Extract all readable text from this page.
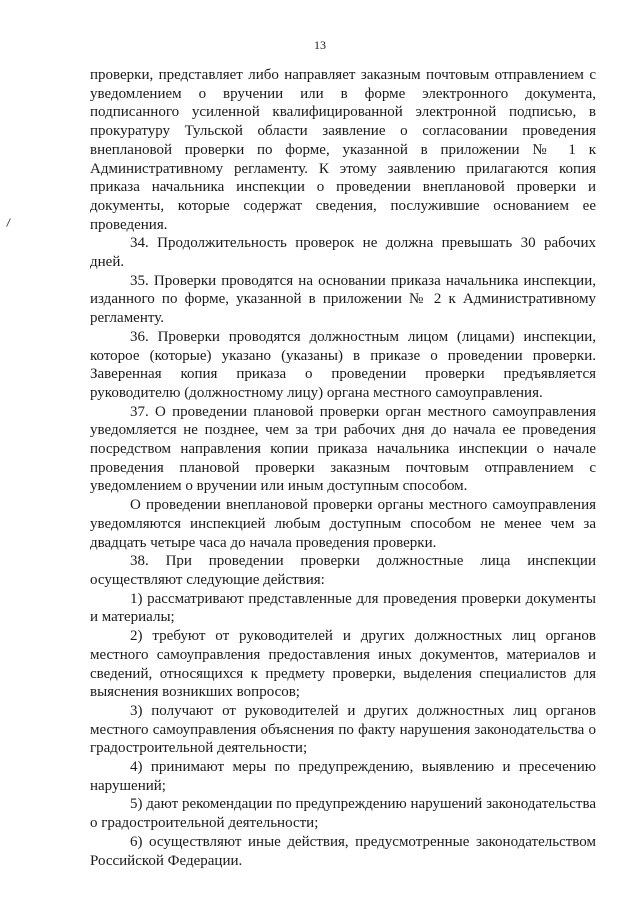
13

проверки, представляет либо направляет заказным почтовым отправлением с уведомлением о вручении или в форме электронного документа, подписанного усиленной квалифицированной электронной подписью, в прокуратуру Тульской области заявление о согласовании проведения внеплановой проверки по форме, указанной в приложении № 1 к Административному регламенту. К этому заявлению прилагаются копия приказа начальника инспекции о проведении внеплановой проверки и документы, которые содержат сведения, послужившие основанием ее проведения.

34. Продолжительность проверок не должна превышать 30 рабочих дней.

35. Проверки проводятся на основании приказа начальника инспекции, изданного по форме, указанной в приложении № 2 к Административному регламенту.

36. Проверки проводятся должностным лицом (лицами) инспекции, которое (которые) указано (указаны) в приказе о проведении проверки. Заверенная копия приказа о проведении проверки предъявляется руководителю (должностному лицу) органа местного самоуправления.

37. О проведении плановой проверки орган местного самоуправления уведомляется не позднее, чем за три рабочих дня до начала ее проведения посредством направления копии приказа начальника инспекции о начале проведения плановой проверки заказным почтовым отправлением с уведомлением о вручении или иным доступным способом.

О проведении внеплановой проверки органы местного самоуправления уведомляются инспекцией любым доступным способом не менее чем за двадцать четыре часа до начала проведения проверки.

38. При проведении проверки должностные лица инспекции осуществляют следующие действия:

1) рассматривают представленные для проведения проверки документы и материалы;

2) требуют от руководителей и других должностных лиц органов местного самоуправления предоставления иных документов, материалов и сведений, относящихся к предмету проверки, выделения специалистов для выяснения возникших вопросов;

3) получают от руководителей и других должностных лиц органов местного самоуправления объяснения по факту нарушения законодательства о градостроительной деятельности;

4) принимают меры по предупреждению, выявлению и пресечению нарушений;

5) дают рекомендации по предупреждению нарушений законодательства о градостроительной деятельности;

6) осуществляют иные действия, предусмотренные законодательством Российской Федерации.
